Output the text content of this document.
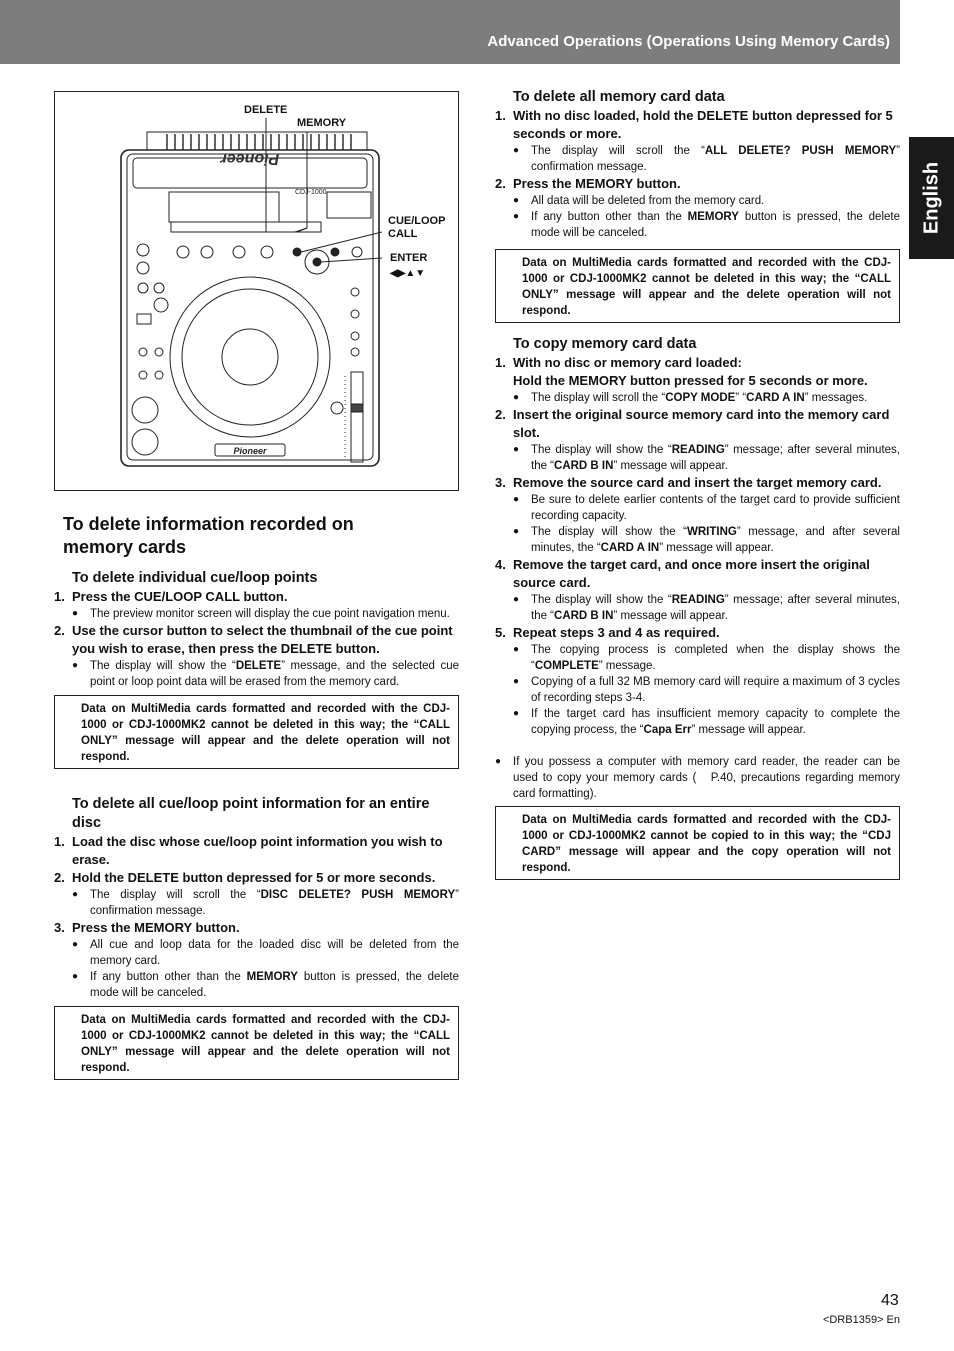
Advanced Operations (Operations Using Memory Cards)
English
Pioneer
CDJ-1000
Pioneer
DELETE
MEMORY
CUE/LOOP
CALL
ENTER
◀▶▲▼
To delete information recorded on
memory cards
To delete individual cue/loop points
1. Press the CUE/LOOP CALL button.
●	The preview monitor screen will display the cue point navigation menu.
2. Use the cursor button to select the thumbnail of the cue point you wish to erase, then press the DELETE button.
●	The display will show the “DELETE” message, and the selected cue point or loop point data will be erased from the memory card.
Data on MultiMedia cards formatted and recorded with the CDJ-1000 or CDJ-1000MK2 cannot be deleted in this way; the “CALL ONLY” message will appear and the delete operation will not respond.
To delete all cue/loop point information for an entire disc
1. Load the disc whose cue/loop point information you wish to erase.
2. Hold the DELETE button depressed for 5 or more seconds.
●	The display will scroll the “DISC DELETE? PUSH MEMORY” confirmation message.
3. Press the MEMORY button.
●	All cue and loop data for the loaded disc will be deleted from the memory card.
●	If any button other than the MEMORY button is pressed, the delete mode will be canceled.
Data on MultiMedia cards formatted and recorded with the CDJ-1000 or CDJ-1000MK2 cannot be deleted in this way; the “CALL ONLY” message will appear and the delete operation will not respond.
To delete all memory card data
1. With no disc loaded, hold the DELETE button depressed for 5 seconds or more.
●	The display will scroll the “ALL DELETE? PUSH MEMORY” confirmation message.
2. Press the MEMORY button.
●	All data will be deleted from the memory card.
●	If any button other than the MEMORY button is pressed, the delete mode will be canceled.
Data on MultiMedia cards formatted and recorded with the CDJ-1000 or CDJ-1000MK2 cannot be deleted in this way; the “CALL ONLY” message will appear and the delete operation will not respond.
To copy memory card data
1. With no disc or memory card loaded:
Hold the MEMORY button pressed for 5 seconds or more.
●	The display will scroll the “COPY MODE” “CARD A IN” messages.
2. Insert the original source memory card into the memory card slot.
●	The display will show the “READING” message; after several minutes, the “CARD B IN” message will appear.
3. Remove the source card and insert the target memory card.
●	Be sure to delete earlier contents of the target card to provide sufficient recording capacity.
●	The display will show the “WRITING” message, and after several minutes, the “CARD A IN” message will appear.
4. Remove the target card, and once more insert the original source card.
●	The display will show the “READING” message; after several minutes, the “CARD B IN” message will appear.
5. Repeat steps 3 and 4 as required.
●	The copying process is completed when the display shows the “COMPLETE” message.
●	Copying of a full 32 MB memory card will require a maximum of 3 cycles of recording steps 3-4.
●	If the target card has insufficient memory capacity to complete the copying process, the “Capa Err” message will appear.
●	If you possess a computer with memory card reader, the reader can be used to copy your memory cards (   P.40, precautions regarding memory card formatting).
Data on MultiMedia cards formatted and recorded with the CDJ-1000 or CDJ-1000MK2 cannot be copied to in this way; the “CDJ CARD” message will appear and the copy operation will not respond.
43
<DRB1359> En
